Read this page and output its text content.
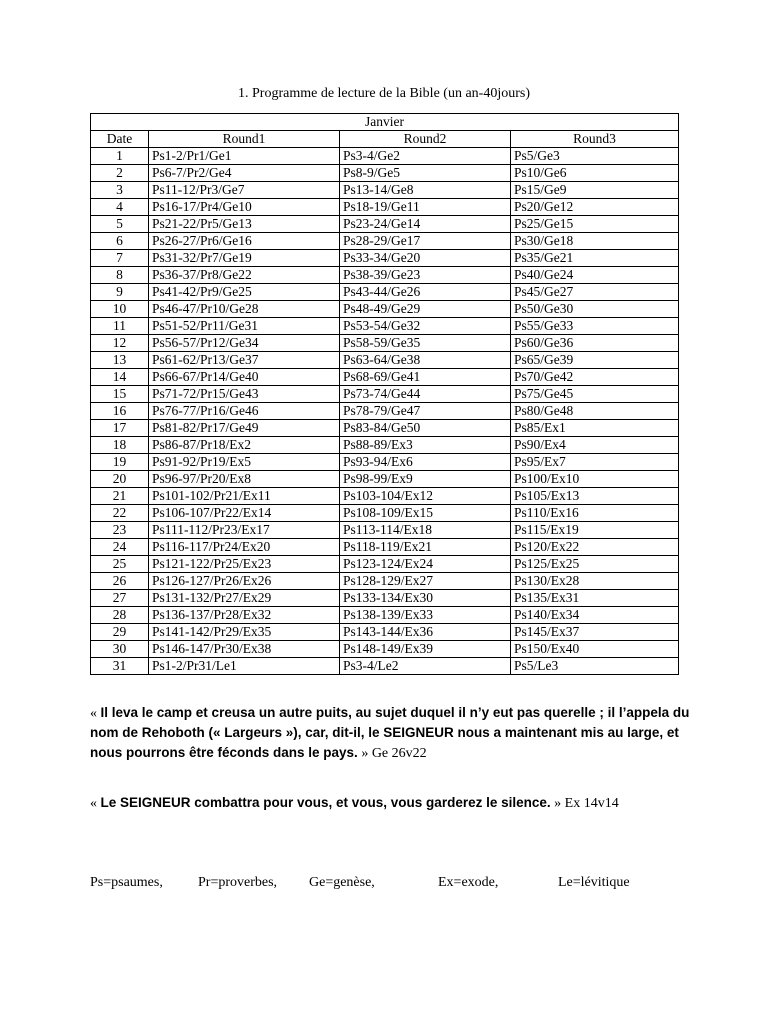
1. Programme de lecture de la Bible (un an-40jours)
Janvier			
Date	Round1	Round2	Round3
1	Ps1-2/Pr1/Ge1	Ps3-4/Ge2	Ps5/Ge3
2	Ps6-7/Pr2/Ge4	Ps8-9/Ge5	Ps10/Ge6
3	Ps11-12/Pr3/Ge7	Ps13-14/Ge8	Ps15/Ge9
4	Ps16-17/Pr4/Ge10	Ps18-19/Ge11	Ps20/Ge12
5	Ps21-22/Pr5/Ge13	Ps23-24/Ge14	Ps25/Ge15
6	Ps26-27/Pr6/Ge16	Ps28-29/Ge17	Ps30/Ge18
7	Ps31-32/Pr7/Ge19	Ps33-34/Ge20	Ps35/Ge21
8	Ps36-37/Pr8/Ge22	Ps38-39/Ge23	Ps40/Ge24
9	Ps41-42/Pr9/Ge25	Ps43-44/Ge26	Ps45/Ge27
10	Ps46-47/Pr10/Ge28	Ps48-49/Ge29	Ps50/Ge30
11	Ps51-52/Pr11/Ge31	Ps53-54/Ge32	Ps55/Ge33
12	Ps56-57/Pr12/Ge34	Ps58-59/Ge35	Ps60/Ge36
13	Ps61-62/Pr13/Ge37	Ps63-64/Ge38	Ps65/Ge39
14	Ps66-67/Pr14/Ge40	Ps68-69/Ge41	Ps70/Ge42
15	Ps71-72/Pr15/Ge43	Ps73-74/Ge44	Ps75/Ge45
16	Ps76-77/Pr16/Ge46	Ps78-79/Ge47	Ps80/Ge48
17	Ps81-82/Pr17/Ge49	Ps83-84/Ge50	Ps85/Ex1
18	Ps86-87/Pr18/Ex2	Ps88-89/Ex3	Ps90/Ex4
19	Ps91-92/Pr19/Ex5	Ps93-94/Ex6	Ps95/Ex7
20	Ps96-97/Pr20/Ex8	Ps98-99/Ex9	Ps100/Ex10
21	Ps101-102/Pr21/Ex11	Ps103-104/Ex12	Ps105/Ex13
22	Ps106-107/Pr22/Ex14	Ps108-109/Ex15	Ps110/Ex16
23	Ps111-112/Pr23/Ex17	Ps113-114/Ex18	Ps115/Ex19
24	Ps116-117/Pr24/Ex20	Ps118-119/Ex21	Ps120/Ex22
25	Ps121-122/Pr25/Ex23	Ps123-124/Ex24	Ps125/Ex25
26	Ps126-127/Pr26/Ex26	Ps128-129/Ex27	Ps130/Ex28
27	Ps131-132/Pr27/Ex29	Ps133-134/Ex30	Ps135/Ex31
28	Ps136-137/Pr28/Ex32	Ps138-139/Ex33	Ps140/Ex34
29	Ps141-142/Pr29/Ex35	Ps143-144/Ex36	Ps145/Ex37
30	Ps146-147/Pr30/Ex38	Ps148-149/Ex39	Ps150/Ex40
31	Ps1-2/Pr31/Le1	Ps3-4/Le2	Ps5/Le3
« Il leva le camp et creusa un autre puits, au sujet duquel il n’y eut pas querelle ; il l’appela du nom de Rehoboth (« Largeurs »), car, dit-il, le SEIGNEUR nous a maintenant mis au large, et nous pourrons être féconds dans le pays. » Ge 26v22
« Le SEIGNEUR combattra pour vous, et vous, vous garderez le silence. » Ex 14v14
Ps=psaumes,	Pr=proverbes, Ge=genèse,	Ex=exode,	Le=lévitique
